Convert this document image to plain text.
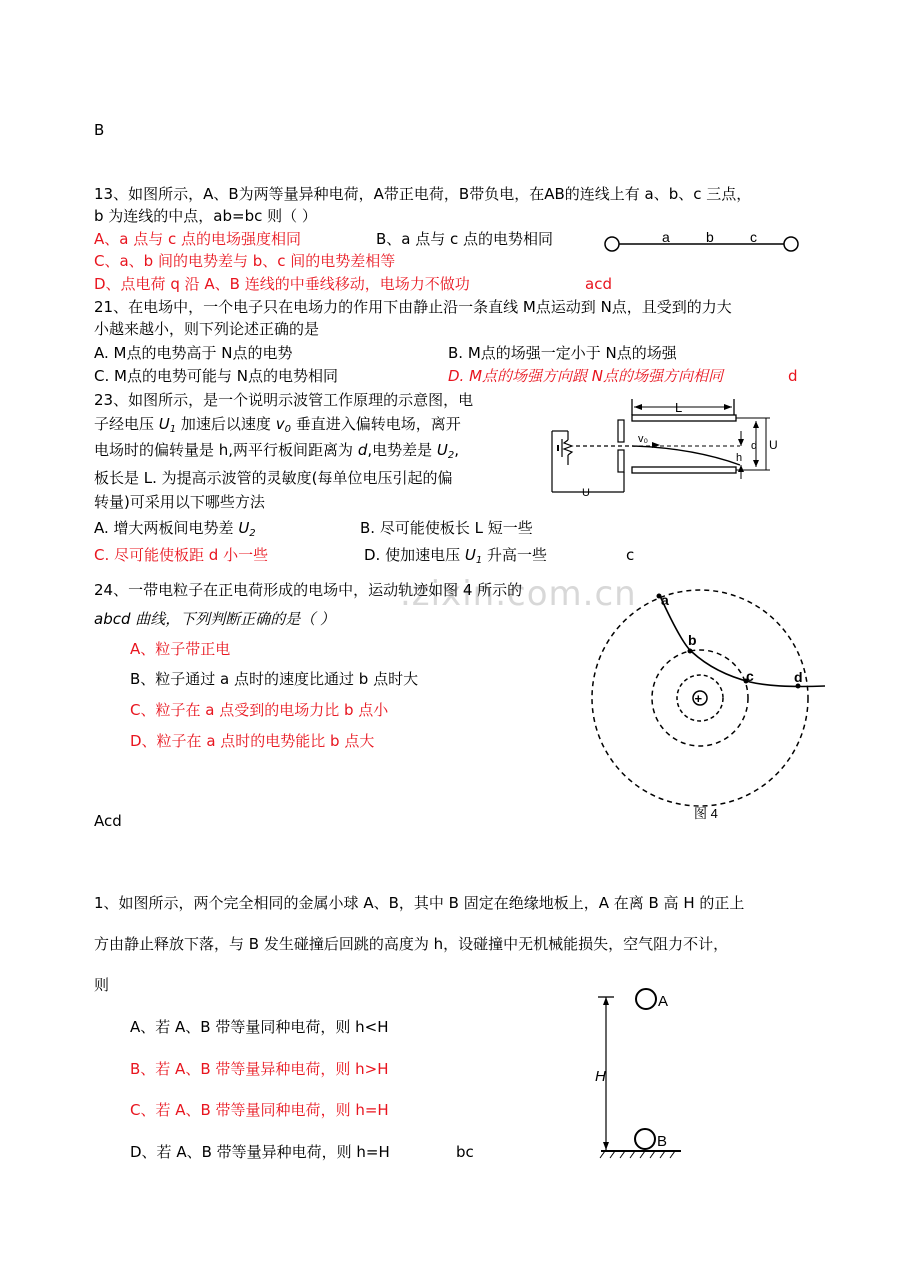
.zixin.com.cn
B
13、如图所示，A、B为两等量异种电荷，A带正电荷，B带负电，在AB的连线上有 a、b、c 三点，
b 为连线的中点，ab=bc 则（ ）
A、a 点与 c 点的电场强度相同	B、a 点与 c 点的电势相同
C、a、b 间的电势差与 b、c 间的电势差相等
D、点电荷 q 沿 A、B 连线的中垂线移动，电场力不做功	acd
a	b	c
21、在电场中，一个电子只在电场力的作用下由静止沿一条直线 M点运动到 N点，且受到的力大
小越来越小，则下列论述正确的是
A. M点的电势高于 N点的电势	B. M点的场强一定小于 N点的场强
C. M点的电势可能与 N点的电势相同	D. M点的场强方向跟 N点的场强方向相同	d
23、如图所示，是一个说明示波管工作原理的示意图，电
子经电压 $U_1$ 加速后以速度 $v_0$ 垂直进入偏转电场，离开
电场时的偏转量是 h,两平行板间距离为 d,电势差是 $U_2$,
板长是 L. 为提高示波管的灵敏度(每单位电压引起的偏
转量)可采用以下哪些方法
A. 增大两板间电势差 $U_2$	B. 尽可能使板长 L 短一些
C. 尽可能使板距 d 小一些	D. 使加速电压 $U_1$ 升高一些	c
L
v₀
h
d U
U
24、一带电粒子在正电荷形成的电场中，运动轨迹如图 4 所示的
abcd 曲线，下列判断正确的是（ ）
A、粒子带正电
B、粒子通过 a 点时的速度比通过 b 点时大
C、粒子在 a 点受到的电场力比 b 点小
D、粒子在 a 点时的电势能比 b 点大
Acd
+
a
b
c	d
图 4
1、如图所示，两个完全相同的金属小球 A、B，其中 B 固定在绝缘地板上，A 在离 B 高 H 的正上
方由静止释放下落，与 B 发生碰撞后回跳的高度为 h，设碰撞中无机械能损失，空气阻力不计，
则
A、若 A、B 带等量同种电荷，则 h<H
B、若 A、B 带等量异种电荷，则 h>H
C、若 A、B 带等量同种电荷，则 h=H
D、若 A、B 带等量异种电荷，则 h=H	bc
H
A
B
